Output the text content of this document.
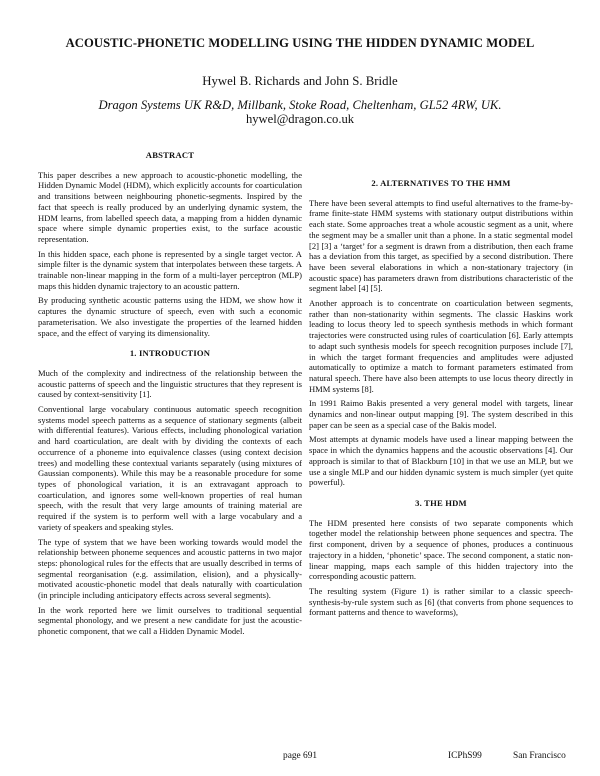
ACOUSTIC-PHONETIC MODELLING USING THE HIDDEN DYNAMIC MODEL
Hywel B. Richards and John S. Bridle
Dragon Systems UK R&D, Millbank, Stoke Road, Cheltenham, GL52 4RW, UK.
hywel@dragon.co.uk
ABSTRACT

This paper describes a new approach to acoustic-phonetic modelling, the Hidden Dynamic Model (HDM), which explicitly accounts for coarticulation and transitions between neighbouring phonetic-segments. Inspired by the fact that speech is really produced by an underlying dynamic system, the HDM learns, from labelled speech data, a mapping from a hidden dynamic space where simple dynamic properties exist, to the surface acoustic representation.

In this hidden space, each phone is represented by a single target vector. A simple filter is the dynamic system that interpolates between these targets. A trainable non-linear mapping in the form of a multi-layer perceptron (MLP) maps this hidden dynamic trajectory to an acoustic pattern.

By producing synthetic acoustic patterns using the HDM, we show how it captures the dynamic structure of speech, even with such a economic parameterisation. We also investigate the properties of the learned hidden space, and the effect of varying its dimensionality.

1. INTRODUCTION

Much of the complexity and indirectness of the relationship between the acoustic patterns of speech and the linguistic structures that they represent is caused by context-sensitivity [1].

Conventional large vocabulary continuous automatic speech recognition systems model speech patterns as a sequence of stationary segments (albeit with differential features). Various effects, including phonological variation and hard coarticulation, are dealt with by dividing the contexts of each occurrence of a phoneme into equivalence classes (using context decision trees) and modelling these contextual variants separately (using mixtures of Gaussian components). While this may be a reasonable procedure for some types of phonological variation, it is an extravagant approach to coarticulation, and ignores some well-known properties of real human speech, with the result that very large amounts of training material are required if the system is to perform well with a large vocabulary and a variety of speakers and speaking styles.

The type of system that we have been working towards would model the relationship between phoneme sequences and acoustic patterns in two major steps: phonological rules for the effects that are usually described in terms of segmental reorganisation (e.g. assimilation, elision), and a physically-motivated acoustic-phonetic model that deals naturally with coarticulation (in principle including anticipatory effects across several segments).

In the work reported here we limit ourselves to traditional sequential segmental phonology, and we present a new candidate for just the acoustic-phonetic component, that we call a Hidden Dynamic Model.

2. ALTERNATIVES TO THE HMM

There have been several attempts to find useful alternatives to the frame-by-frame finite-state HMM systems with stationary output distributions within each state. Some approaches treat a whole acoustic segment as a unit, where the segment may be a smaller unit than a phone. In a static segmental model [2] [3] a ‘target’ for a segment is drawn from a distribution, then each frame has a deviation from this target, as specified by a second distribution. There have been several elaborations in which a non-stationary trajectory (in acoustic space) has parameters drawn from distributions characteristic of the segment label [4] [5].

Another approach is to concentrate on coarticulation between segments, rather than non-stationarity within segments. The classic Haskins work leading to locus theory led to speech synthesis methods in which formant trajectories were constructed using rules of coarticulation [6]. Early attempts to adapt such synthesis models for speech recognition purposes include [7], in which the target formant frequencies and amplitudes were adjusted automatically to optimize a match to formant parameters estimated from natural speech. There have also been attempts to use locus theory directly in HMM systems [8].

In 1991 Raimo Bakis presented a very general model with targets, linear dynamics and non-linear output mapping [9]. The system described in this paper can be seen as a special case of the Bakis model.

Most attempts at dynamic models have used a linear mapping between the space in which the dynamics happens and the acoustic observations [4]. Our approach is similar to that of Blackburn [10] in that we use an MLP, but we use a single MLP and our hidden dynamic system is much simpler (yet quite powerful).

3. THE HDM

The HDM presented here consists of two separate components which together model the relationship between phone sequences and spectra. The first component, driven by a sequence of phones, produces a continuous trajectory in a hidden, ‘phonetic’ space. The second component, a static non-linear mapping, maps each sample of this hidden trajectory into the corresponding acoustic pattern.

The resulting system (Figure 1) is rather similar to a classic speech-synthesis-by-rule system such as [6] (that converts from phone sequences to formant patterns and thence to waveforms),

page 691	ICPhS99	San Francisco
